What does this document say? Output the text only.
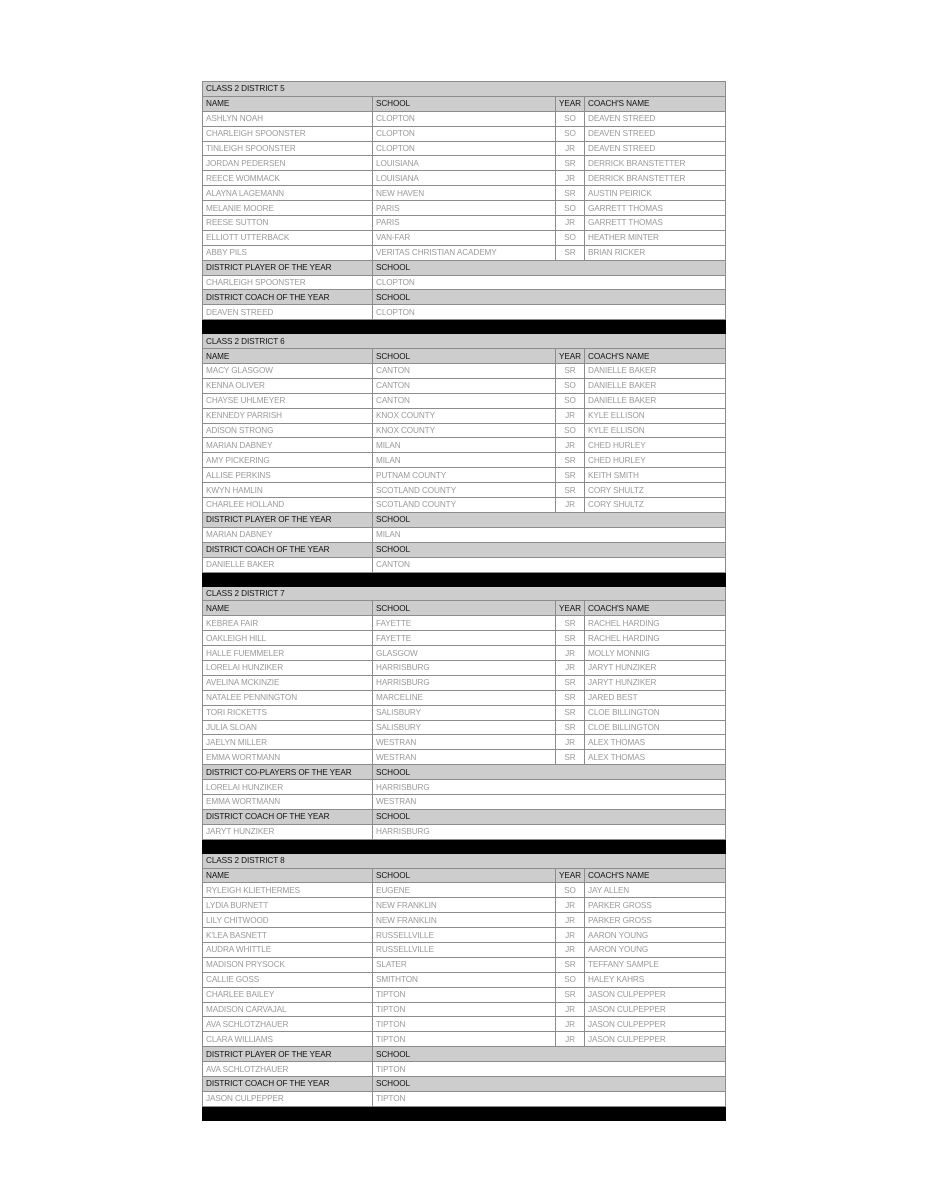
CLASS 2 DISTRICT 5			
NAME	SCHOOL	YEAR	COACH'S NAME
ASHLYN NOAH	CLOPTON	SO	DEAVEN STREED
CHARLEIGH SPOONSTER	CLOPTON	SO	DEAVEN STREED
TINLEIGH SPOONSTER	CLOPTON	JR	DEAVEN STREED
JORDAN PEDERSEN	LOUISIANA	SR	DERRICK BRANSTETTER
REECE WOMMACK	LOUISIANA	JR	DERRICK BRANSTETTER
ALAYNA LAGEMANN	NEW HAVEN	SR	AUSTIN PEIRICK
MELANIE MOORE	PARIS	SO	GARRETT THOMAS
REESE SUTTON	PARIS	JR	GARRETT THOMAS
ELLIOTT UTTERBACK	VAN-FAR	SO	HEATHER MINTER
ABBY PILS	VERITAS CHRISTIAN ACADEMY	SR	BRIAN RICKER
DISTRICT PLAYER OF THE YEAR	SCHOOL		
CHARLEIGH SPOONSTER	CLOPTON		
DISTRICT COACH OF THE YEAR	SCHOOL		
DEAVEN STREED	CLOPTON		

CLASS 2 DISTRICT 6			
NAME	SCHOOL	YEAR	COACH'S NAME
MACY GLASGOW	CANTON	SR	DANIELLE BAKER
KENNA OLIVER	CANTON	SO	DANIELLE BAKER
CHAYSE UHLMEYER	CANTON	SO	DANIELLE BAKER
KENNEDY PARRISH	KNOX COUNTY	JR	KYLE ELLISON
ADISON STRONG	KNOX COUNTY	SO	KYLE ELLISON
MARIAN DABNEY	MILAN	JR	CHED HURLEY
AMY PICKERING	MILAN	SR	CHED HURLEY
ALLISE PERKINS	PUTNAM COUNTY	SR	KEITH SMITH
KWYN HAMLIN	SCOTLAND COUNTY	SR	CORY SHULTZ
CHARLEE HOLLAND	SCOTLAND COUNTY	JR	CORY SHULTZ
DISTRICT PLAYER OF THE YEAR	SCHOOL		
MARIAN DABNEY	MILAN		
DISTRICT COACH OF THE YEAR	SCHOOL		
DANIELLE BAKER	CANTON		

CLASS 2 DISTRICT 7			
NAME	SCHOOL	YEAR	COACH'S NAME
KEBREA FAIR	FAYETTE	SR	RACHEL HARDING
OAKLEIGH HILL	FAYETTE	SR	RACHEL HARDING
HALLE FUEMMELER	GLASGOW	JR	MOLLY MONNIG
LORELAI HUNZIKER	HARRISBURG	JR	JARYT HUNZIKER
AVELINA MCKINZIE	HARRISBURG	SR	JARYT HUNZIKER
NATALEE PENNINGTON	MARCELINE	SR	JARED BEST
TORI RICKETTS	SALISBURY	SR	CLOE BILLINGTON
JULIA SLOAN	SALISBURY	SR	CLOE BILLINGTON
JAELYN MILLER	WESTRAN	JR	ALEX THOMAS
EMMA WORTMANN	WESTRAN	SR	ALEX THOMAS
DISTRICT CO-PLAYERS OF THE YEAR	SCHOOL		
LORELAI HUNZIKER	HARRISBURG		
EMMA WORTMANN	WESTRAN		
DISTRICT COACH OF THE YEAR	SCHOOL		
JARYT HUNZIKER	HARRISBURG		

CLASS 2 DISTRICT 8			
NAME	SCHOOL	YEAR	COACH'S NAME
RYLEIGH KLIETHERMES	EUGENE	SO	JAY ALLEN
LYDIA BURNETT	NEW FRANKLIN	JR	PARKER GROSS
LILY CHITWOOD	NEW FRANKLIN	JR	PARKER GROSS
K'LEA BASNETT	RUSSELLVILLE	JR	AARON YOUNG
AUDRA WHITTLE	RUSSELLVILLE	JR	AARON YOUNG
MADISON PRYSOCK	SLATER	SR	TEFFANY SAMPLE
CALLIE GOSS	SMITHTON	SO	HALEY KAHRS
CHARLEE BAILEY	TIPTON	SR	JASON CULPEPPER
MADISON CARVAJAL	TIPTON	JR	JASON CULPEPPER
AVA SCHLOTZHAUER	TIPTON	JR	JASON CULPEPPER
CLARA WILLIAMS	TIPTON	JR	JASON CULPEPPER
DISTRICT PLAYER OF THE YEAR	SCHOOL		
AVA SCHLOTZHAUER	TIPTON		
DISTRICT COACH OF THE YEAR	SCHOOL		
JASON CULPEPPER	TIPTON		
